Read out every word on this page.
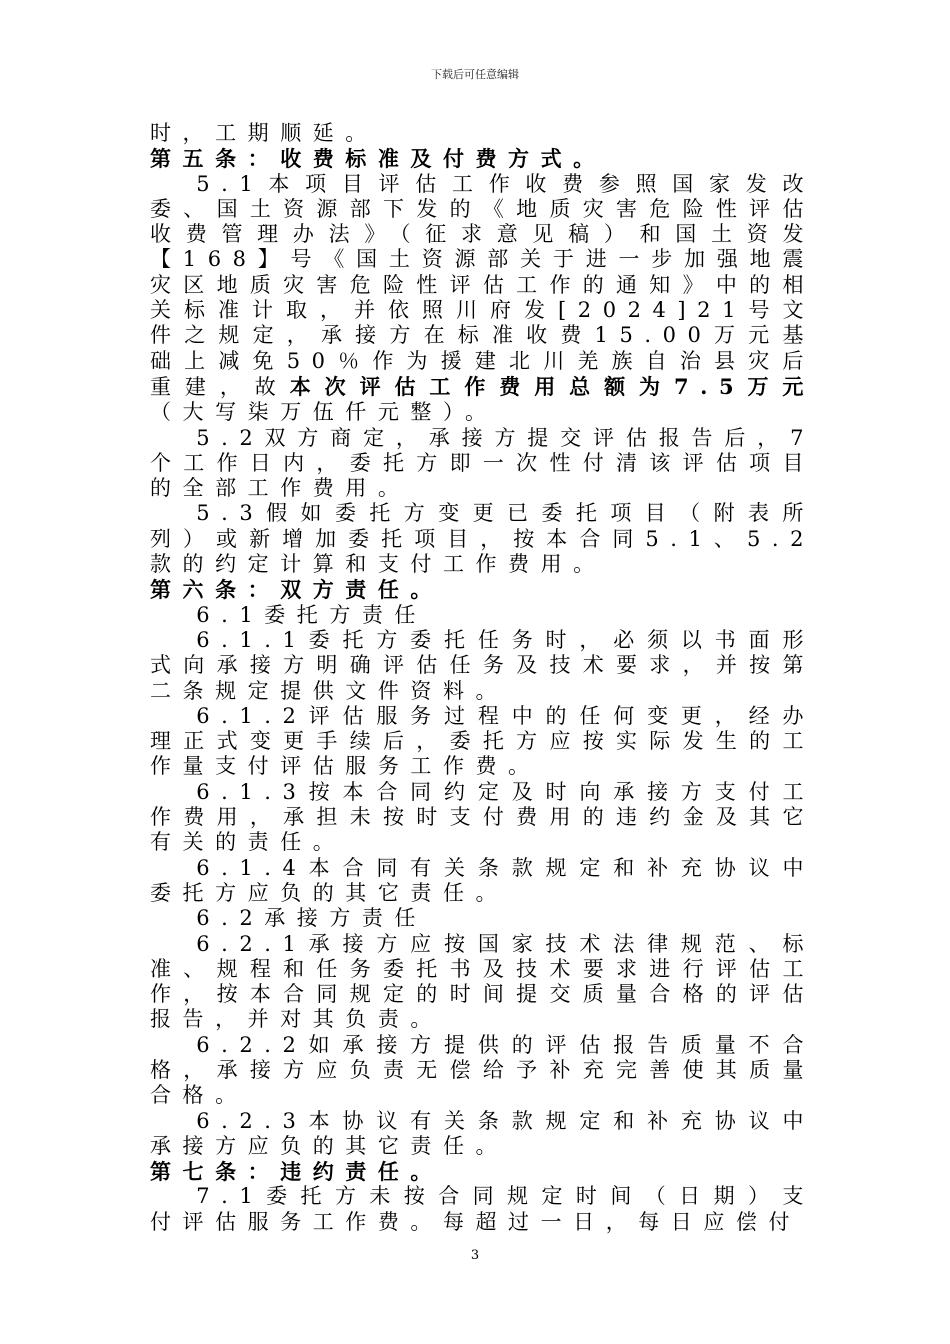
下载后可任意编辑

时，工期顺延。

第五条：收费标准及付费方式。

5.1本项目评估工作收费参照国家发改委、国土资源部下发的《地质灾害危险性评估收费管理办法》（征求意见稿）和国土资发【168】号《国土资源部关于进一步加强地震灾区地质灾害危险性评估工作的通知》中的相关标准计取，并依照川府发[2024]21号文件之规定，承接方在标准收费15.00万元基础上减免50％作为援建北川羌族自治县灾后重建，故本次评估工作费用总额为7.5万元（大写柒万伍仟元整）。

5.2双方商定，承接方提交评估报告后，7个工作日内，委托方即一次性付清该评估项目的全部工作费用。

5.3假如委托方变更已委托项目（附表所列）或新增加委托项目，按本合同5.1、5.2款的约定计算和支付工作费用。

第六条：双方责任。

6.1委托方责任

6.1.1委托方委托任务时，必须以书面形式向承接方明确评估任务及技术要求，并按第二条规定提供文件资料。

6.1.2评估服务过程中的任何变更，经办理正式变更手续后，委托方应按实际发生的工作量支付评估服务工作费。

6.1.3按本合同约定及时向承接方支付工作费用，承担未按时支付费用的违约金及其它有关的责任。

6.1.4本合同有关条款规定和补充协议中委托方应负的其它责任。

6.2承接方责任

6.2.1承接方应按国家技术法律规范、标准、规程和任务委托书及技术要求进行评估工作，按本合同规定的时间提交质量合格的评估报告，并对其负责。

6.2.2如承接方提供的评估报告质量不合格，承接方应负责无偿给予补充完善使其质量合格。

6.2.3本协议有关条款规定和补充协议中承接方应负的其它责任。

第七条：违约责任。

7.1委托方未按合同规定时间（日期）支付评估服务工作费。每超过一日，每日应偿付

3
